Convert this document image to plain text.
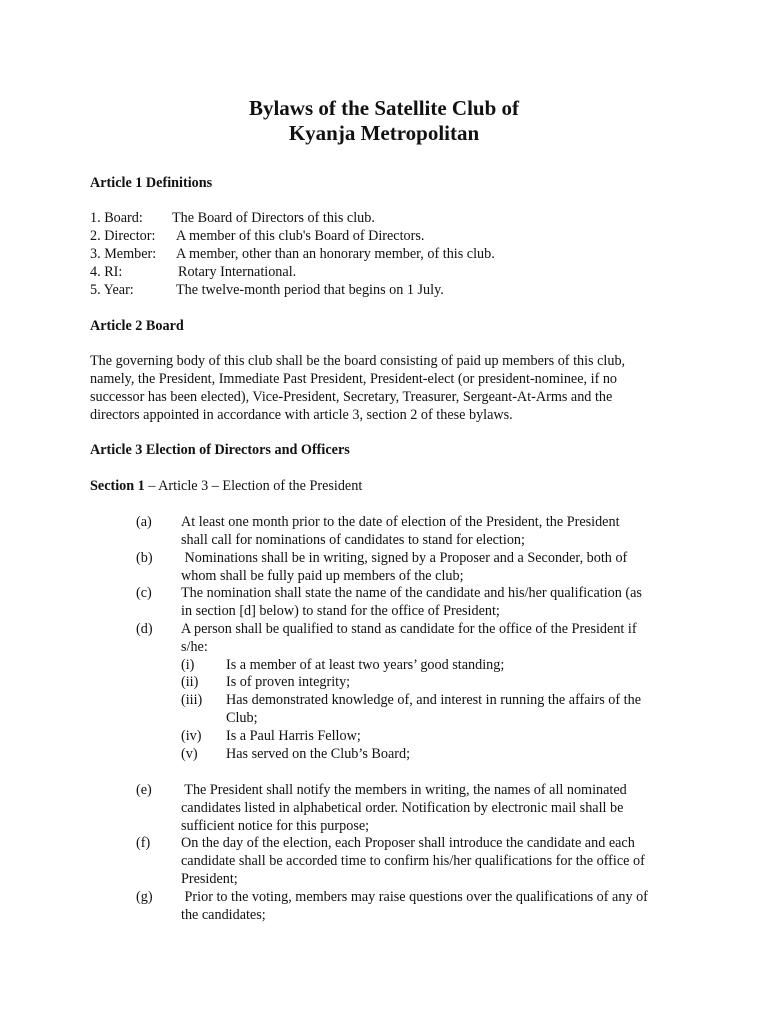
Bylaws of the Satellite Club of
Kyanja Metropolitan
Article 1 Definitions
1. Board: The Board of Directors of this club.
2. Director: A member of this club's Board of Directors.
3. Member: A member, other than an honorary member, of this club.
4. RI:	Rotary International.
5. Year:	The twelve-month period that begins on 1 July.
Article 2 Board
The governing body of this club shall be the board consisting of paid up members of this club,
namely, the President, Immediate Past President, President-elect (or president-nominee, if no
successor has been elected), Vice-President, Secretary, Treasurer, Sergeant-At-Arms and the
directors appointed in accordance with article 3, section 2 of these bylaws.
Article 3 Election of Directors and Officers
Section 1 – Article 3 – Election of the President
(a) At least one month prior to the date of election of the President, the President
shall call for nominations of candidates to stand for election;
(b) Nominations shall be in writing, signed by a Proposer and a Seconder, both of
whom shall be fully paid up members of the club;
(c) The nomination shall state the name of the candidate and his/her qualification (as
in section [d] below) to stand for the office of President;
(d) A person shall be qualified to stand as candidate for the office of the President if
s/he:
(i) Is a member of at least two years’ good standing;
(ii) Is of proven integrity;
(iii) Has demonstrated knowledge of, and interest in running the affairs of the
Club;
(iv) Is a Paul Harris Fellow;
(v) Has served on the Club’s Board;
(e) The President shall notify the members in writing, the names of all nominated
candidates listed in alphabetical order. Notification by electronic mail shall be
sufficient notice for this purpose;
(f) On the day of the election, each Proposer shall introduce the candidate and each
candidate shall be accorded time to confirm his/her qualifications for the office of
President;
(g) Prior to the voting, members may raise questions over the qualifications of any of
the candidates;
